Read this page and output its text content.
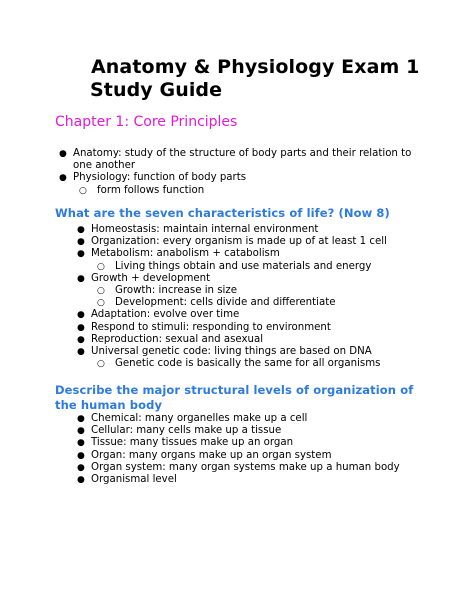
Anatomy & Physiology Exam 1
Study Guide
Chapter 1: Core Principles
● Anatomy: study of the structure of body parts and their relation to one another
● Physiology: function of body parts
○ form follows function
What are the seven characteristics of life? (Now 8)
● Homeostasis: maintain internal environment
● Organization: every organism is made up of at least 1 cell
● Metabolism: anabolism + catabolism
○ Living things obtain and use materials and energy
● Growth + development
○ Growth: increase in size
○ Development: cells divide and differentiate
● Adaptation: evolve over time
● Respond to stimuli: responding to environment
● Reproduction: sexual and asexual
● Universal genetic code: living things are based on DNA
○ Genetic code is basically the same for all organisms
Describe the major structural levels of organization of the human body
● Chemical: many organelles make up a cell
● Cellular: many cells make up a tissue
● Tissue: many tissues make up an organ
● Organ: many organs make up an organ system
● Organ system: many organ systems make up a human body
● Organismal level
